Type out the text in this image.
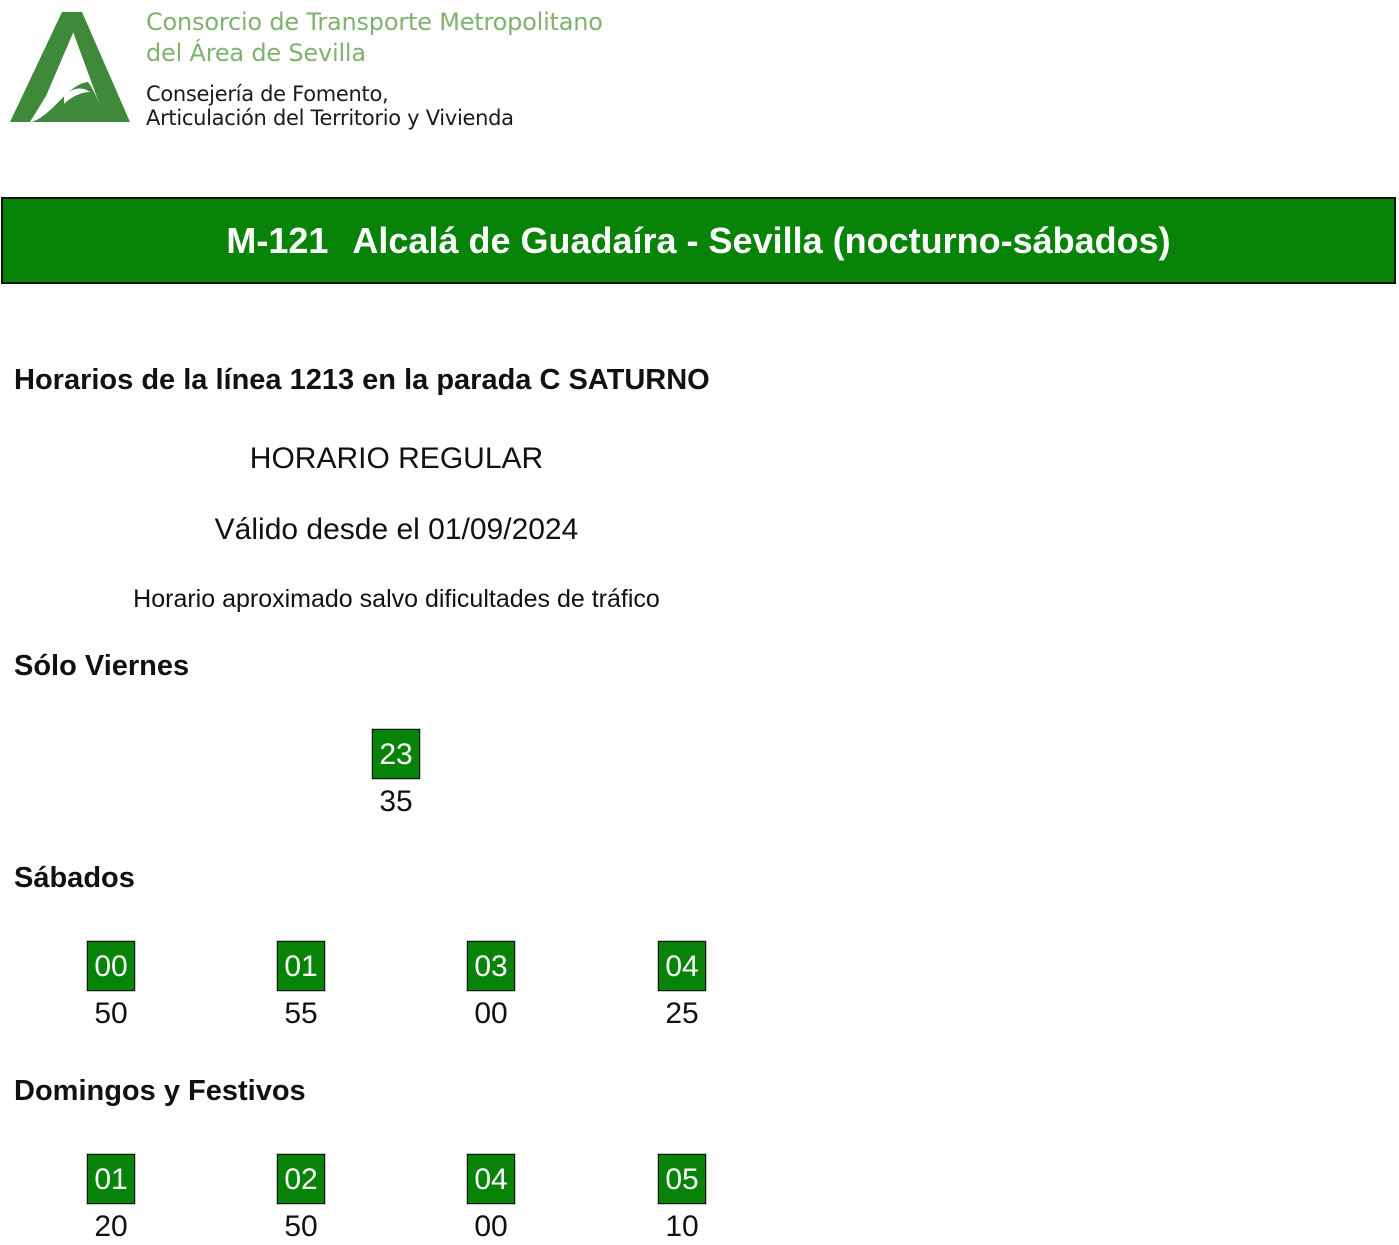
Consorcio de Transporte Metropolitano
del Área de Sevilla
Consejería de Fomento,
Articulación del Territorio y Vivienda
M-121 Alcalá de Guadaíra - Sevilla (nocturno-sábados)
Horarios de la línea 1213 en la parada C SATURNO
HORARIO REGULAR
Válido desde el 01/09/2024
Horario aproximado salvo dificultades de tráfico
Sólo Viernes
23
35
Sábados
00
50
01
55
03
00
04
25
Domingos y Festivos
01
20
02
50
04
00
05
10
